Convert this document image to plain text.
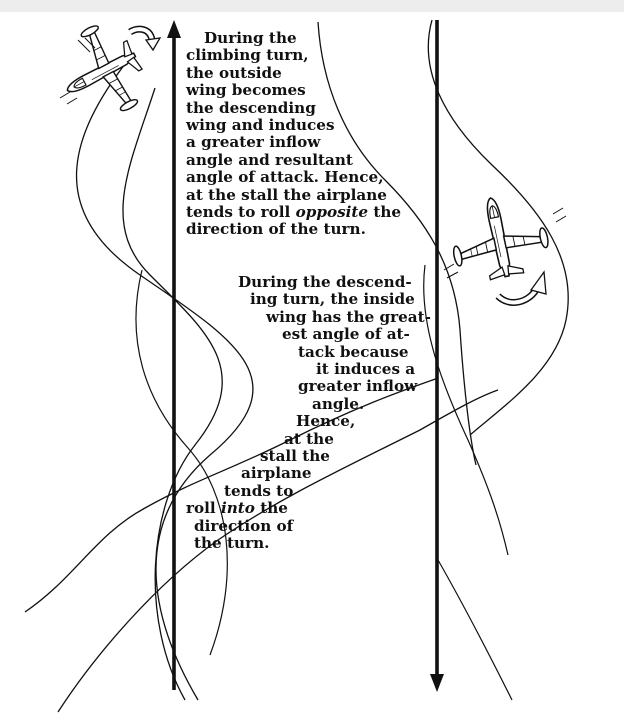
During the
climbing turn,
the outside
wing becomes
the descending
wing and induces
a greater inflow
angle and resultant
angle of attack. Hence,
at the stall the airplane
tends to roll opposite the
direction of the turn.
During the descend-
ing turn, the inside
wing has the great-
est angle of at-
tack because
it induces a
greater inflow
angle.
Hence,
at the
stall the
airplane
tends to
roll into the
direction of
the turn.
